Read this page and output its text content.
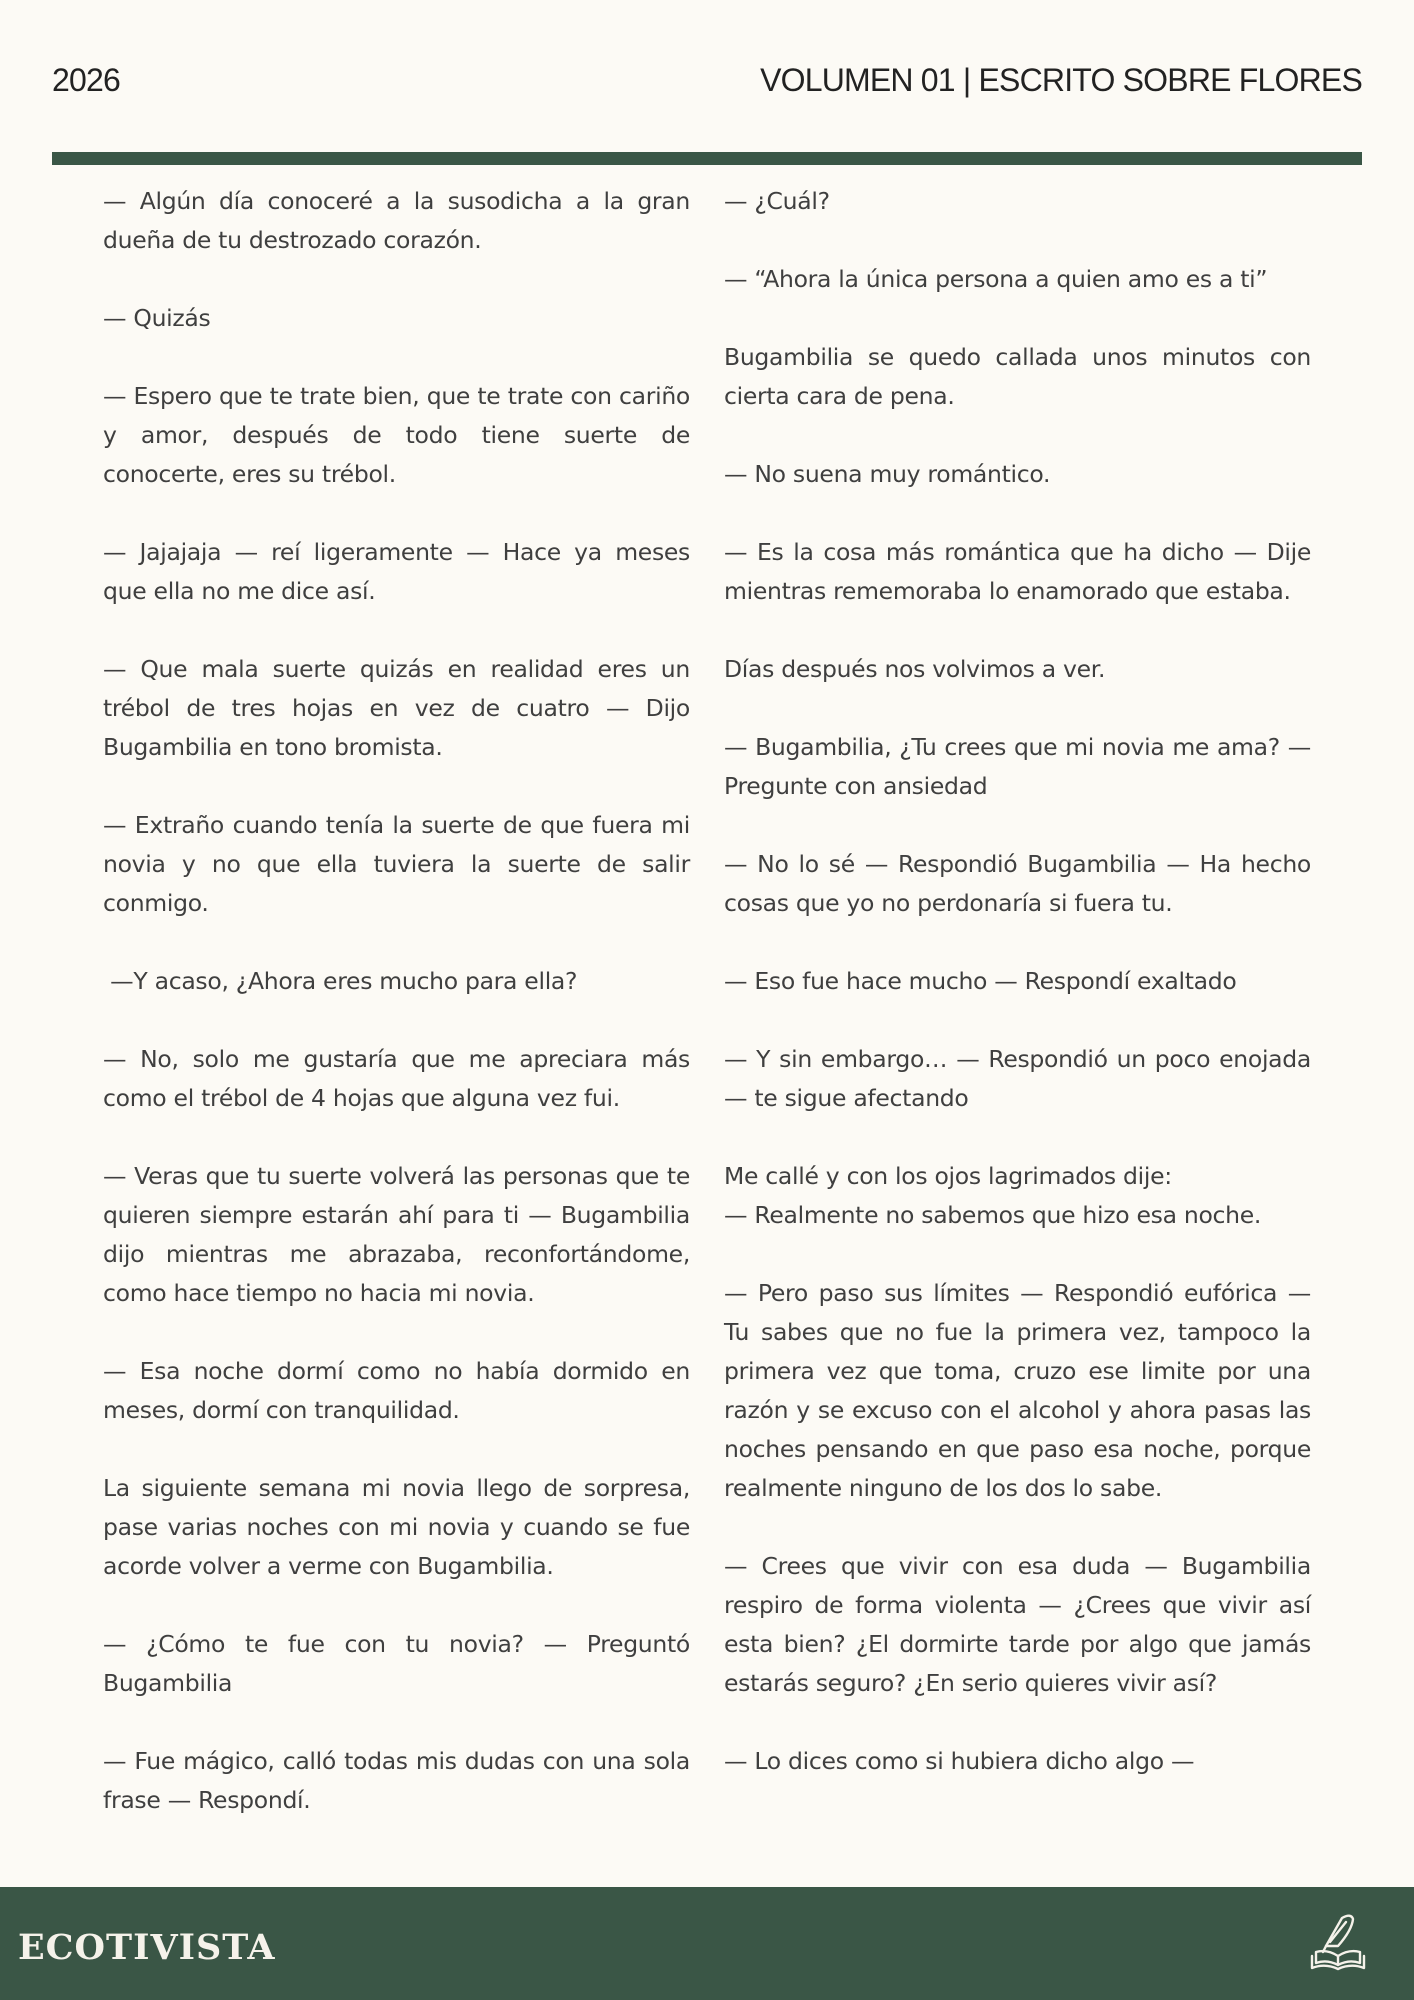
2026	VOLUMEN 01 | ESCRITO SOBRE FLORES

— Algún día conoceré a la susodicha a la gran dueña de tu destrozado corazón.

— Quizás

— Espero que te trate bien, que te trate con cariño y amor, después de todo tiene suerte de conocerte, eres su trébol.

— Jajajaja — reí ligeramente — Hace ya meses que ella no me dice así.

— Que mala suerte quizás en realidad eres un trébol de tres hojas en vez de cuatro — Dijo Bugambilia en tono bromista.

— Extraño cuando tenía la suerte de que fuera mi novia y no que ella tuviera la suerte de salir conmigo.

—Y acaso, ¿Ahora eres mucho para ella?

— No, solo me gustaría que me apreciara más como el trébol de 4 hojas que alguna vez fui.

— Veras que tu suerte volverá las personas que te quieren siempre estarán ahí para ti — Bugambilia dijo mientras me abrazaba, reconfortándome, como hace tiempo no hacia mi novia.

— Esa noche dormí como no había dormido en meses, dormí con tranquilidad.

La siguiente semana mi novia llego de sorpresa, pase varias noches con mi novia y cuando se fue acorde volver a verme con Bugambilia.

— ¿Cómo te fue con tu novia? — Preguntó Bugambilia

— Fue mágico, calló todas mis dudas con una sola frase — Respondí.

— ¿Cuál?

— “Ahora la única persona a quien amo es a ti”

Bugambilia se quedo callada unos minutos con cierta cara de pena.

— No suena muy romántico.

— Es la cosa más romántica que ha dicho — Dije mientras rememoraba lo enamorado que estaba.

Días después nos volvimos a ver.

— Bugambilia, ¿Tu crees que mi novia me ama? — Pregunte con ansiedad

— No lo sé — Respondió Bugambilia — Ha hecho cosas que yo no perdonaría si fuera tu.

— Eso fue hace mucho — Respondí exaltado

— Y sin embargo… — Respondió un poco enojada — te sigue afectando

Me callé y con los ojos lagrimados dije:
— Realmente no sabemos que hizo esa noche.

— Pero paso sus límites — Respondió eufórica — Tu sabes que no fue la primera vez, tampoco la primera vez que toma, cruzo ese limite por una razón y se excuso con el alcohol y ahora pasas las noches pensando en que paso esa noche, porque realmente ninguno de los dos lo sabe.

— Crees que vivir con esa duda — Bugambilia respiro de forma violenta — ¿Crees que vivir así esta bien? ¿El dormirte tarde por algo que jamás estarás seguro? ¿En serio quieres vivir así?

— Lo dices como si hubiera dicho algo —

ECOTIVISTA
